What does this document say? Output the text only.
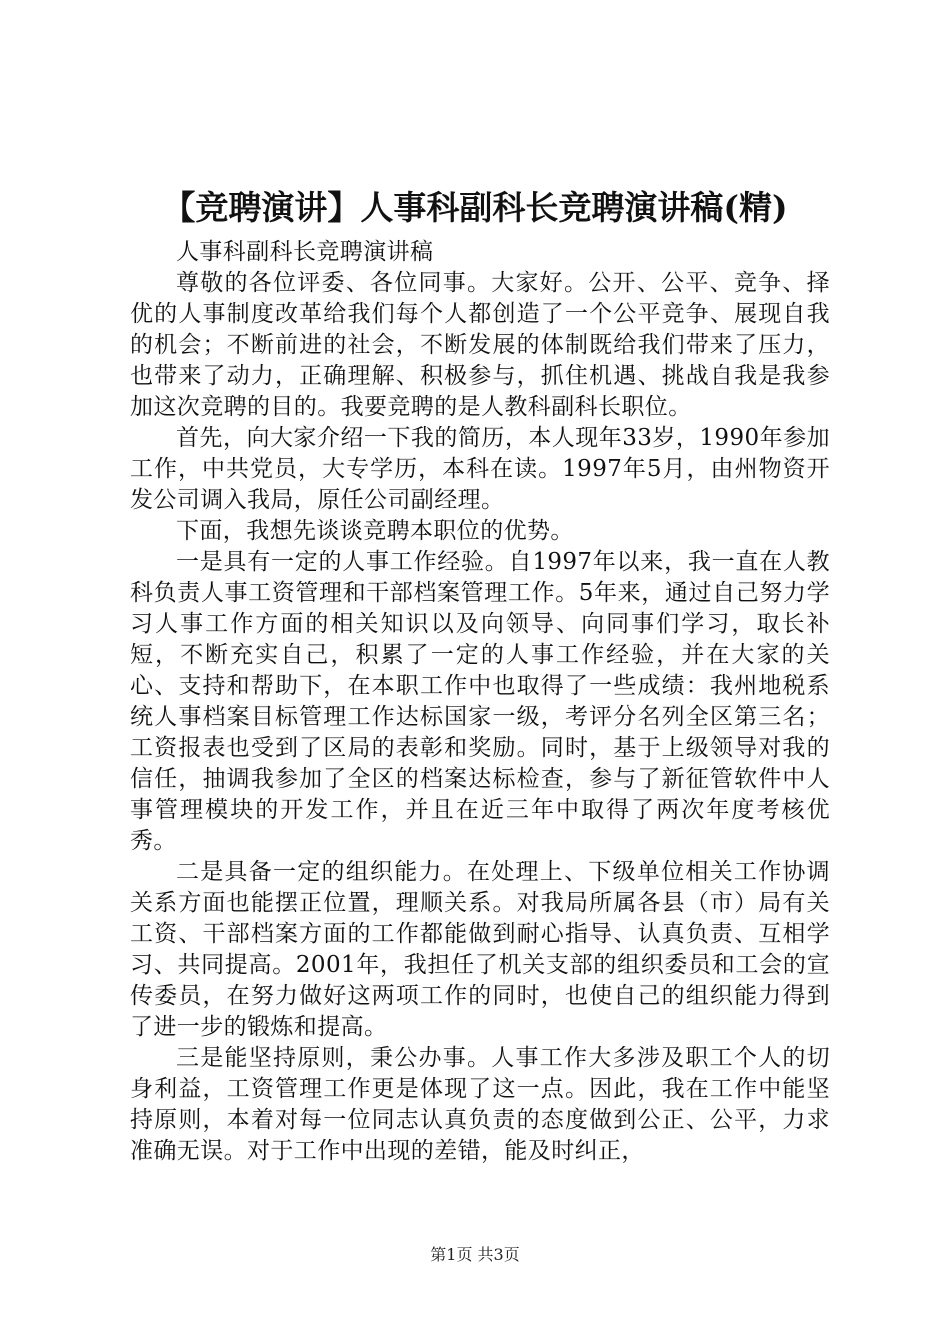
【竞聘演讲】人事科副科长竞聘演讲稿(精)

人事科副科长竞聘演讲稿

尊敬的各位评委、各位同事。大家好。公开、公平、竞争、择优的人事制度改革给我们每个人都创造了一个公平竞争、展现自我的机会；不断前进的社会，不断发展的体制既给我们带来了压力，也带来了动力，正确理解、积极参与，抓住机遇、挑战自我是我参加这次竞聘的目的。我要竞聘的是人教科副科长职位。

首先，向大家介绍一下我的简历，本人现年33岁，1990年参加工作，中共党员，大专学历，本科在读。1997年5月，由州物资开发公司调入我局，原任公司副经理。

下面，我想先谈谈竞聘本职位的优势。

一是具有一定的人事工作经验。自1997年以来，我一直在人教科负责人事工资管理和干部档案管理工作。5年来，通过自己努力学习人事工作方面的相关知识以及向领导、向同事们学习，取长补短，不断充实自己，积累了一定的人事工作经验，并在大家的关心、支持和帮助下，在本职工作中也取得了一些成绩：我州地税系统人事档案目标管理工作达标国家一级，考评分名列全区第三名；工资报表也受到了区局的表彰和奖励。同时，基于上级领导对我的信任，抽调我参加了全区的档案达标检查，参与了新征管软件中人事管理模块的开发工作，并且在近三年中取得了两次年度考核优秀。

二是具备一定的组织能力。在处理上、下级单位相关工作协调关系方面也能摆正位置，理顺关系。对我局所属各县（市）局有关工资、干部档案方面的工作都能做到耐心指导、认真负责、互相学习、共同提高。2001年，我担任了机关支部的组织委员和工会的宣传委员，在努力做好这两项工作的同时，也使自己的组织能力得到了进一步的锻炼和提高。

三是能坚持原则，秉公办事。人事工作大多涉及职工个人的切身利益，工资管理工作更是体现了这一点。因此，我在工作中能坚持原则，本着对每一位同志认真负责的态度做到公正、公平，力求准确无误。对于工作中出现的差错，能及时纠正，

第1页 共3页
